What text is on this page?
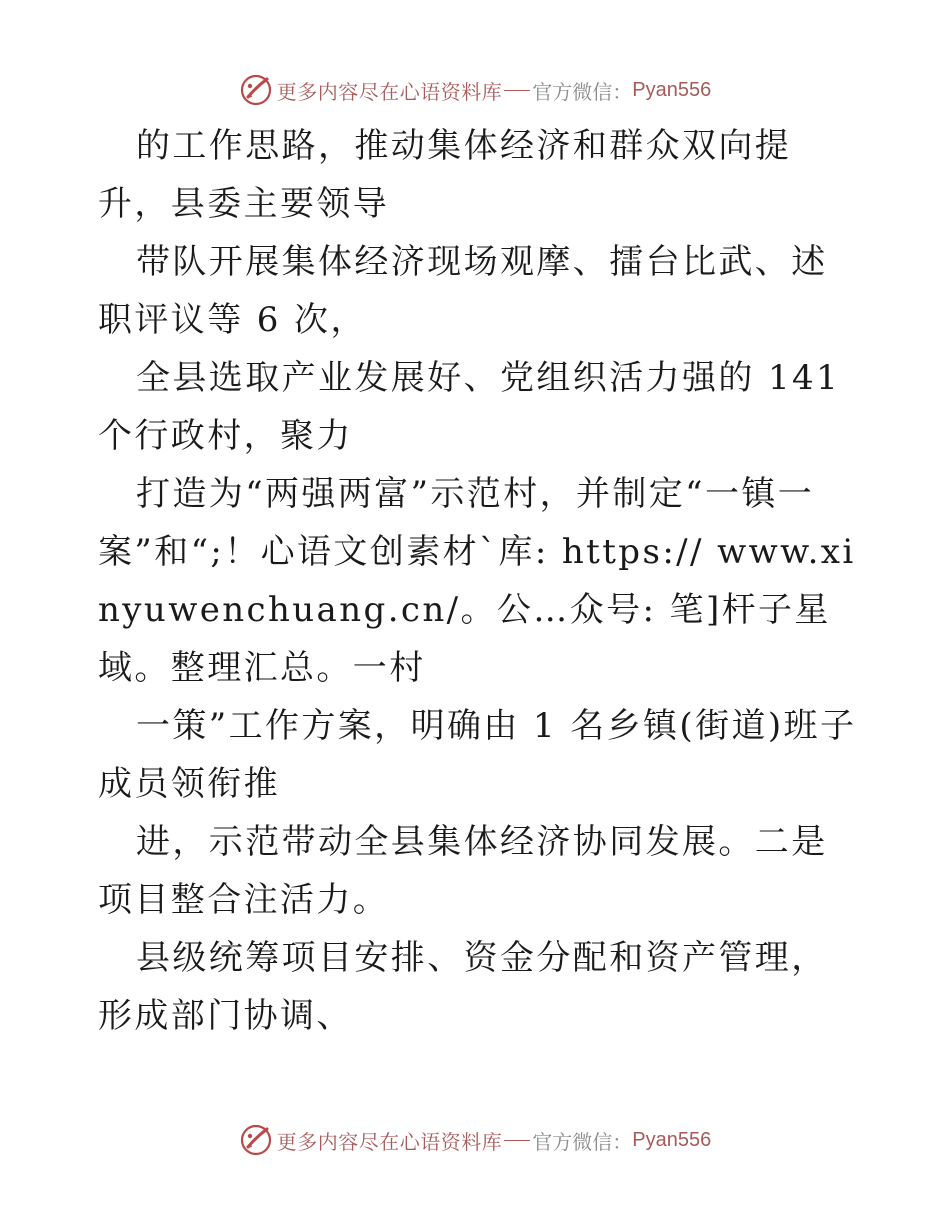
更多内容尽在心语资料库 官方微信： Pyan556

的工作思路，推动集体经济和群众双向提升，县委主要领导

带队开展集体经济现场观摩、擂台比武、述职评议等 6 次，

全县选取产业发展好、党组织活力强的 141 个行政村，聚力

打造为“两强两富”示范村，并制定“一镇一案”和“;！心语文创素材`库: https:// www.xinyuwenchuang.cn/。公…众号: 笔]杆子星域。整理汇总。一村

一策”工作方案，明确由 1 名乡镇(街道)班子成员领衔推

进，示范带动全县集体经济协同发展。二是项目整合注活力。

县级统筹项目安排、资金分配和资产管理，形成部门协调、

更多内容尽在心语资料库 官方微信： Pyan556
